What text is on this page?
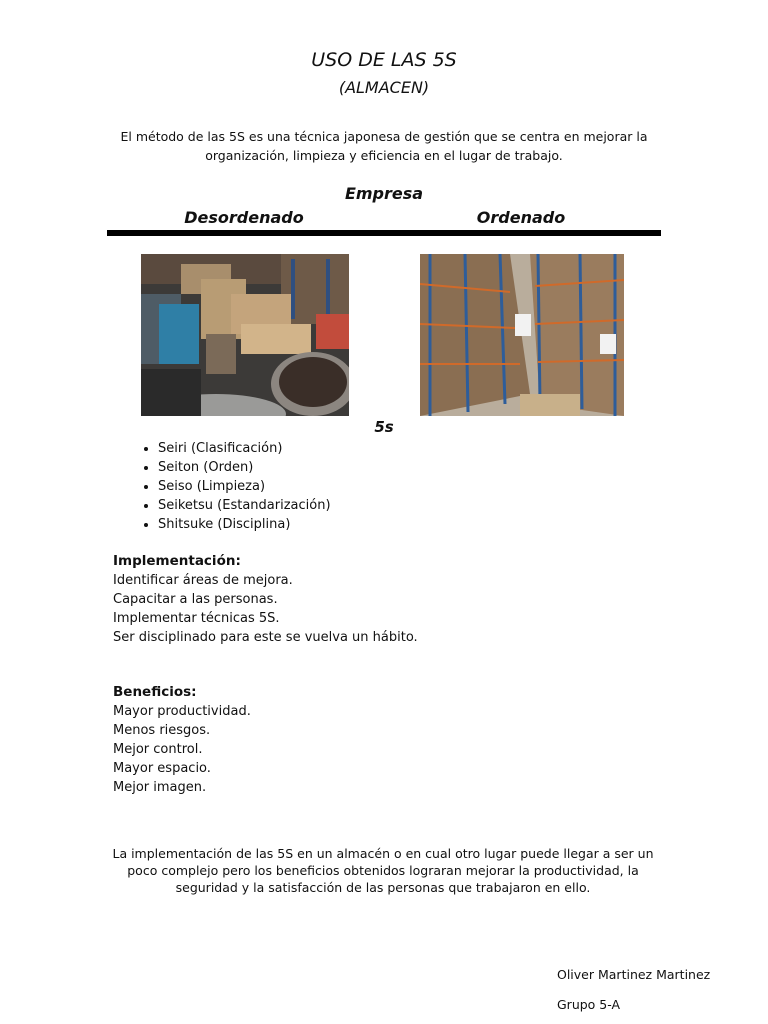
USO DE LAS 5S
(ALMACEN)
El método de las 5S es una técnica japonesa de gestión que se centra en mejorar la organización, limpieza y eficiencia en el lugar de trabajo.
Empresa
Desordenado	Ordenado
5s
• Seiri (Clasificación)
• Seiton (Orden)
• Seiso (Limpieza)
• Seiketsu (Estandarización)
• Shitsuke (Disciplina)
Implementación:
Identificar áreas de mejora.
Capacitar a las personas.
Implementar técnicas 5S.
Ser disciplinado para este se vuelva un hábito.
Beneficios:
Mayor productividad.
Menos riesgos.
Mejor control.
Mayor espacio.
Mejor imagen.
La implementación de las 5S en un almacén o en cual otro lugar puede llegar a ser un poco complejo pero los beneficios obtenidos lograran mejorar la productividad, la seguridad y la satisfacción de las personas que trabajaron en ello.
Oliver Martinez Martinez
Grupo 5-A
